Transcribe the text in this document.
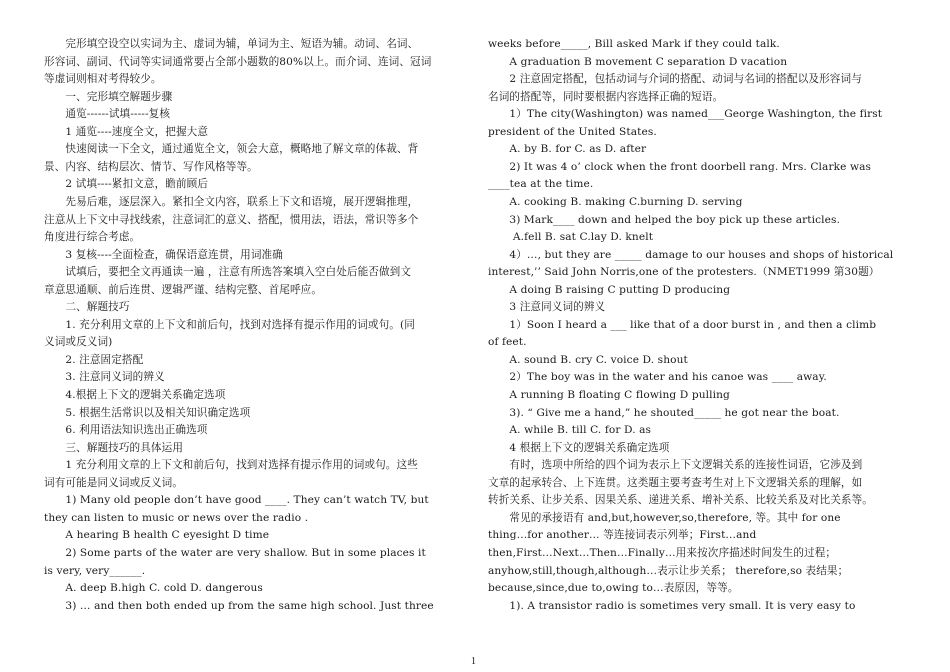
　　完形填空设空以实词为主、虚词为辅，单词为主、短语为辅。动词、名词、
形容词、副词、代词等实词通常要占全部小题数的80%以上。而介词、连词、冠词
等虚词则相对考得较少。
　　一、完形填空解题步骤
　　通览------试填-----复核
　　1 通览----速度全文，把握大意
　　快速阅读一下全文，通过通览全文，领会大意，概略地了解文章的体裁、背
景、内容、结构层次、情节、写作风格等等。
　　2 试填----紧扣文意，瞻前顾后
　　先易后难，逐层深入。紧扣全文内容，联系上下文和语境，展开逻辑推理，
注意从上下文中寻找线索，注意词汇的意义、搭配，惯用法，语法，常识等多个
角度进行综合考虑。
　　3 复核----全面检查，确保语意连贯，用词准确
　　试填后，要把全文再通读一遍 ，注意有所选答案填入空白处后能否做到文
章意思通顺、前后连贯、逻辑严谨、结构完整、首尾呼应。
　　二、解题技巧
　　1. 充分利用文章的上下文和前后句，找到对选择有提示作用的词或句。(同
义词或反义词)
　　2. 注意固定搭配
　　3. 注意同义词的辨义
　　4.根据上下文的逻辑关系确定选项
　　5. 根据生活常识以及相关知识确定选项
　　6. 利用语法知识选出正确选项
　　三、解题技巧的具体运用
　　1 充分利用文章的上下文和前后句，找到对选择有提示作用的词或句。这些
词有可能是同义词或反义词。
　　1) Many old people don’t have good ____. They can’t watch TV, but
they can listen to music or news over the radio .
　　A hearing B health C eyesight D time
　　2) Some parts of the water are very shallow. But in some places it
is very, very______.
　　A. deep B.high C. cold D. dangerous
　　3) … and then both ended up from the same high school. Just three
weeks before_____, Bill asked Mark if they could talk.
　　A graduation B movement C separation D vacation
　　2 注意固定搭配，包括动词与介词的搭配、动词与名词的搭配以及形容词与
名词的搭配等，同时要根据内容选择正确的短语。
　　1）The city(Washington) was named___George Washington, the first
president of the United States.
　　A. by B. for C. as D. after
　　2) It was 4 o’ clock when the front doorbell rang. Mrs. Clarke was
____tea at the time.
　　A. cooking B. making C.burning D. serving
　　3) Mark____ down and helped the boy pick up these articles.
　　 A.fell B. sat C.lay D. knelt
　　4）…, but they are _____ damage to our houses and shops of historical
interest,’’ Said John Norris,one of the protesters.（NMET1999 第30题）
　　A doing B raising C putting D producing
　　3 注意同义词的辨义
　　1）Soon I heard a ___ like that of a door burst in , and then a climb
of feet.
　　A. sound B. cry C. voice D. shout
　　2）The boy was in the water and his canoe was ____ away.
　　A running B floating C flowing D pulling
　　3). “ Give me a hand,” he shouted_____ he got near the boat.
　　A. while B. till C. for D. as
　　4 根据上下文的逻辑关系确定选项
　　有时，选项中所给的四个词为表示上下文逻辑关系的连接性词语，它涉及到
文章的起承转合、上下连贯。这类题主要考查考生对上下文逻辑关系的理解，如
转折关系、让步关系、因果关系、递进关系、增补关系、比较关系及对比关系等。
　　常见的承接语有 and,but,however,so,therefore, 等。其中 for one
thing…for another… 等连接词表示列举；First…and
then,First…Next…Then…Finally…用来按次序描述时间发生的过程；
anyhow,still,though,although…表示让步关系； therefore,so 表结果；
because,since,due to,owing to…表原因，等等。
　　1). A transistor radio is sometimes very small. It is very easy to
1
